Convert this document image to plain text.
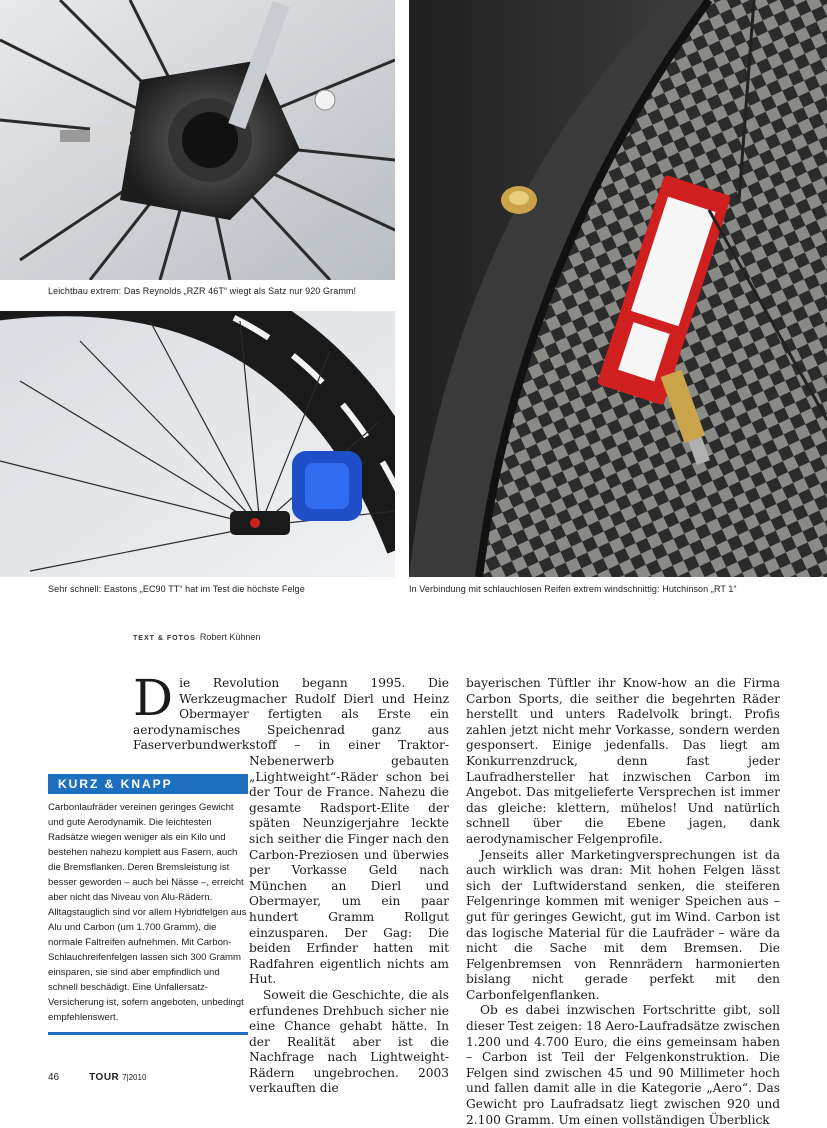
Leichtbau extrem: Das Reynolds „RZR 46T“ wiegt als Satz nur 920 Gramm!
Sehr schnell: Eastons „EC90 TT“ hat im Test die höchste Felge	In Verbindung mit schlauchlosen Reifen extrem windschnittig: Hutchinson „RT 1“
TEXT & FOTOS Robert Kühnen

Die Revolution begann 1995. Die Werkzeugmacher Rudolf Dierl und Heinz Obermayer fertigten als Erste ein aerodynamisches Speichenrad ganz aus Faserverbundwerkstoff – in einer Traktor-

Nebenerwerb gebauten „Lightweight“-Räder schon bei der Tour de France. Nahezu die gesamte Radsport-Elite der späten Neunzigerjahre leckte sich seither die Finger nach den Carbon-Preziosen und überwies per Vorkasse Geld nach München an Dierl und Obermayer, um ein paar hundert Gramm Rollgut einzusparen. Der Gag: Die beiden Erfinder hatten mit Radfahren eigentlich nichts am Hut.

Soweit die Geschichte, die als erfundenes Drehbuch sicher nie eine Chance gehabt hätte. In der Realität aber ist die Nachfrage nach Lightweight-Rädern ungebrochen. 2003 verkauften die

bayerischen Tüftler ihr Know-how an die Firma Carbon Sports, die seither die begehrten Räder herstellt und unters Radelvolk bringt. Profis zahlen jetzt nicht mehr Vorkasse, sondern werden gesponsert. Einige jedenfalls. Das liegt am Konkurrenzdruck, denn fast jeder Laufradhersteller hat inzwischen Carbon im Angebot. Das mitgelieferte Versprechen ist immer das gleiche: klettern, mühelos! Und natürlich schnell über die Ebene jagen, dank aerodynamischer Felgenprofile.

Jenseits aller Marketingversprechungen ist da auch wirklich was dran: Mit hohen Felgen lässt sich der Luftwiderstand senken, die steiferen Felgenringe kommen mit weniger Speichen aus – gut für geringes Gewicht, gut im Wind. Carbon ist das logische Material für die Laufräder – wäre da nicht die Sache mit dem Bremsen. Die Felgenbremsen von Rennrädern harmonierten bislang nicht gerade perfekt mit den Carbonfelgenflanken.

Ob es dabei inzwischen Fortschritte gibt, soll dieser Test zeigen: 18 Aero-Laufradsätze zwischen 1.200 und 4.700 Euro, die eins gemeinsam haben – Carbon ist Teil der Felgenkonstruktion. Die Felgen sind zwischen 45 und 90 Millimeter hoch und fallen damit alle in die Kategorie „Aero“. Das Gewicht pro Laufradsatz liegt zwischen 920 und 2.100 Gramm. Um einen vollständigen Überblick

KURZ & KNAPP
Carbonlaufräder vereinen geringes Gewicht und gute Aerodynamik. Die leichtesten Radsätze wiegen weniger als ein Kilo und bestehen nahezu komplett aus Fasern, auch die Bremsflanken. Deren Bremsleistung ist besser geworden – auch bei Nässe –, erreicht aber nicht das Niveau von Alu-Rädern. Alltagstauglich sind vor allem Hybridfelgen aus Alu und Carbon (um 1.700 Gramm), die normale Faltreifen aufnehmen. Mit Carbon-Schlauchreifenfelgen lassen sich 300 Gramm einsparen, sie sind aber empfindlich und schnell beschädigt. Eine Unfallersatz-Versicherung ist, sofern angeboten, unbedingt empfehlenswert.
46	TOUR 7|2010
